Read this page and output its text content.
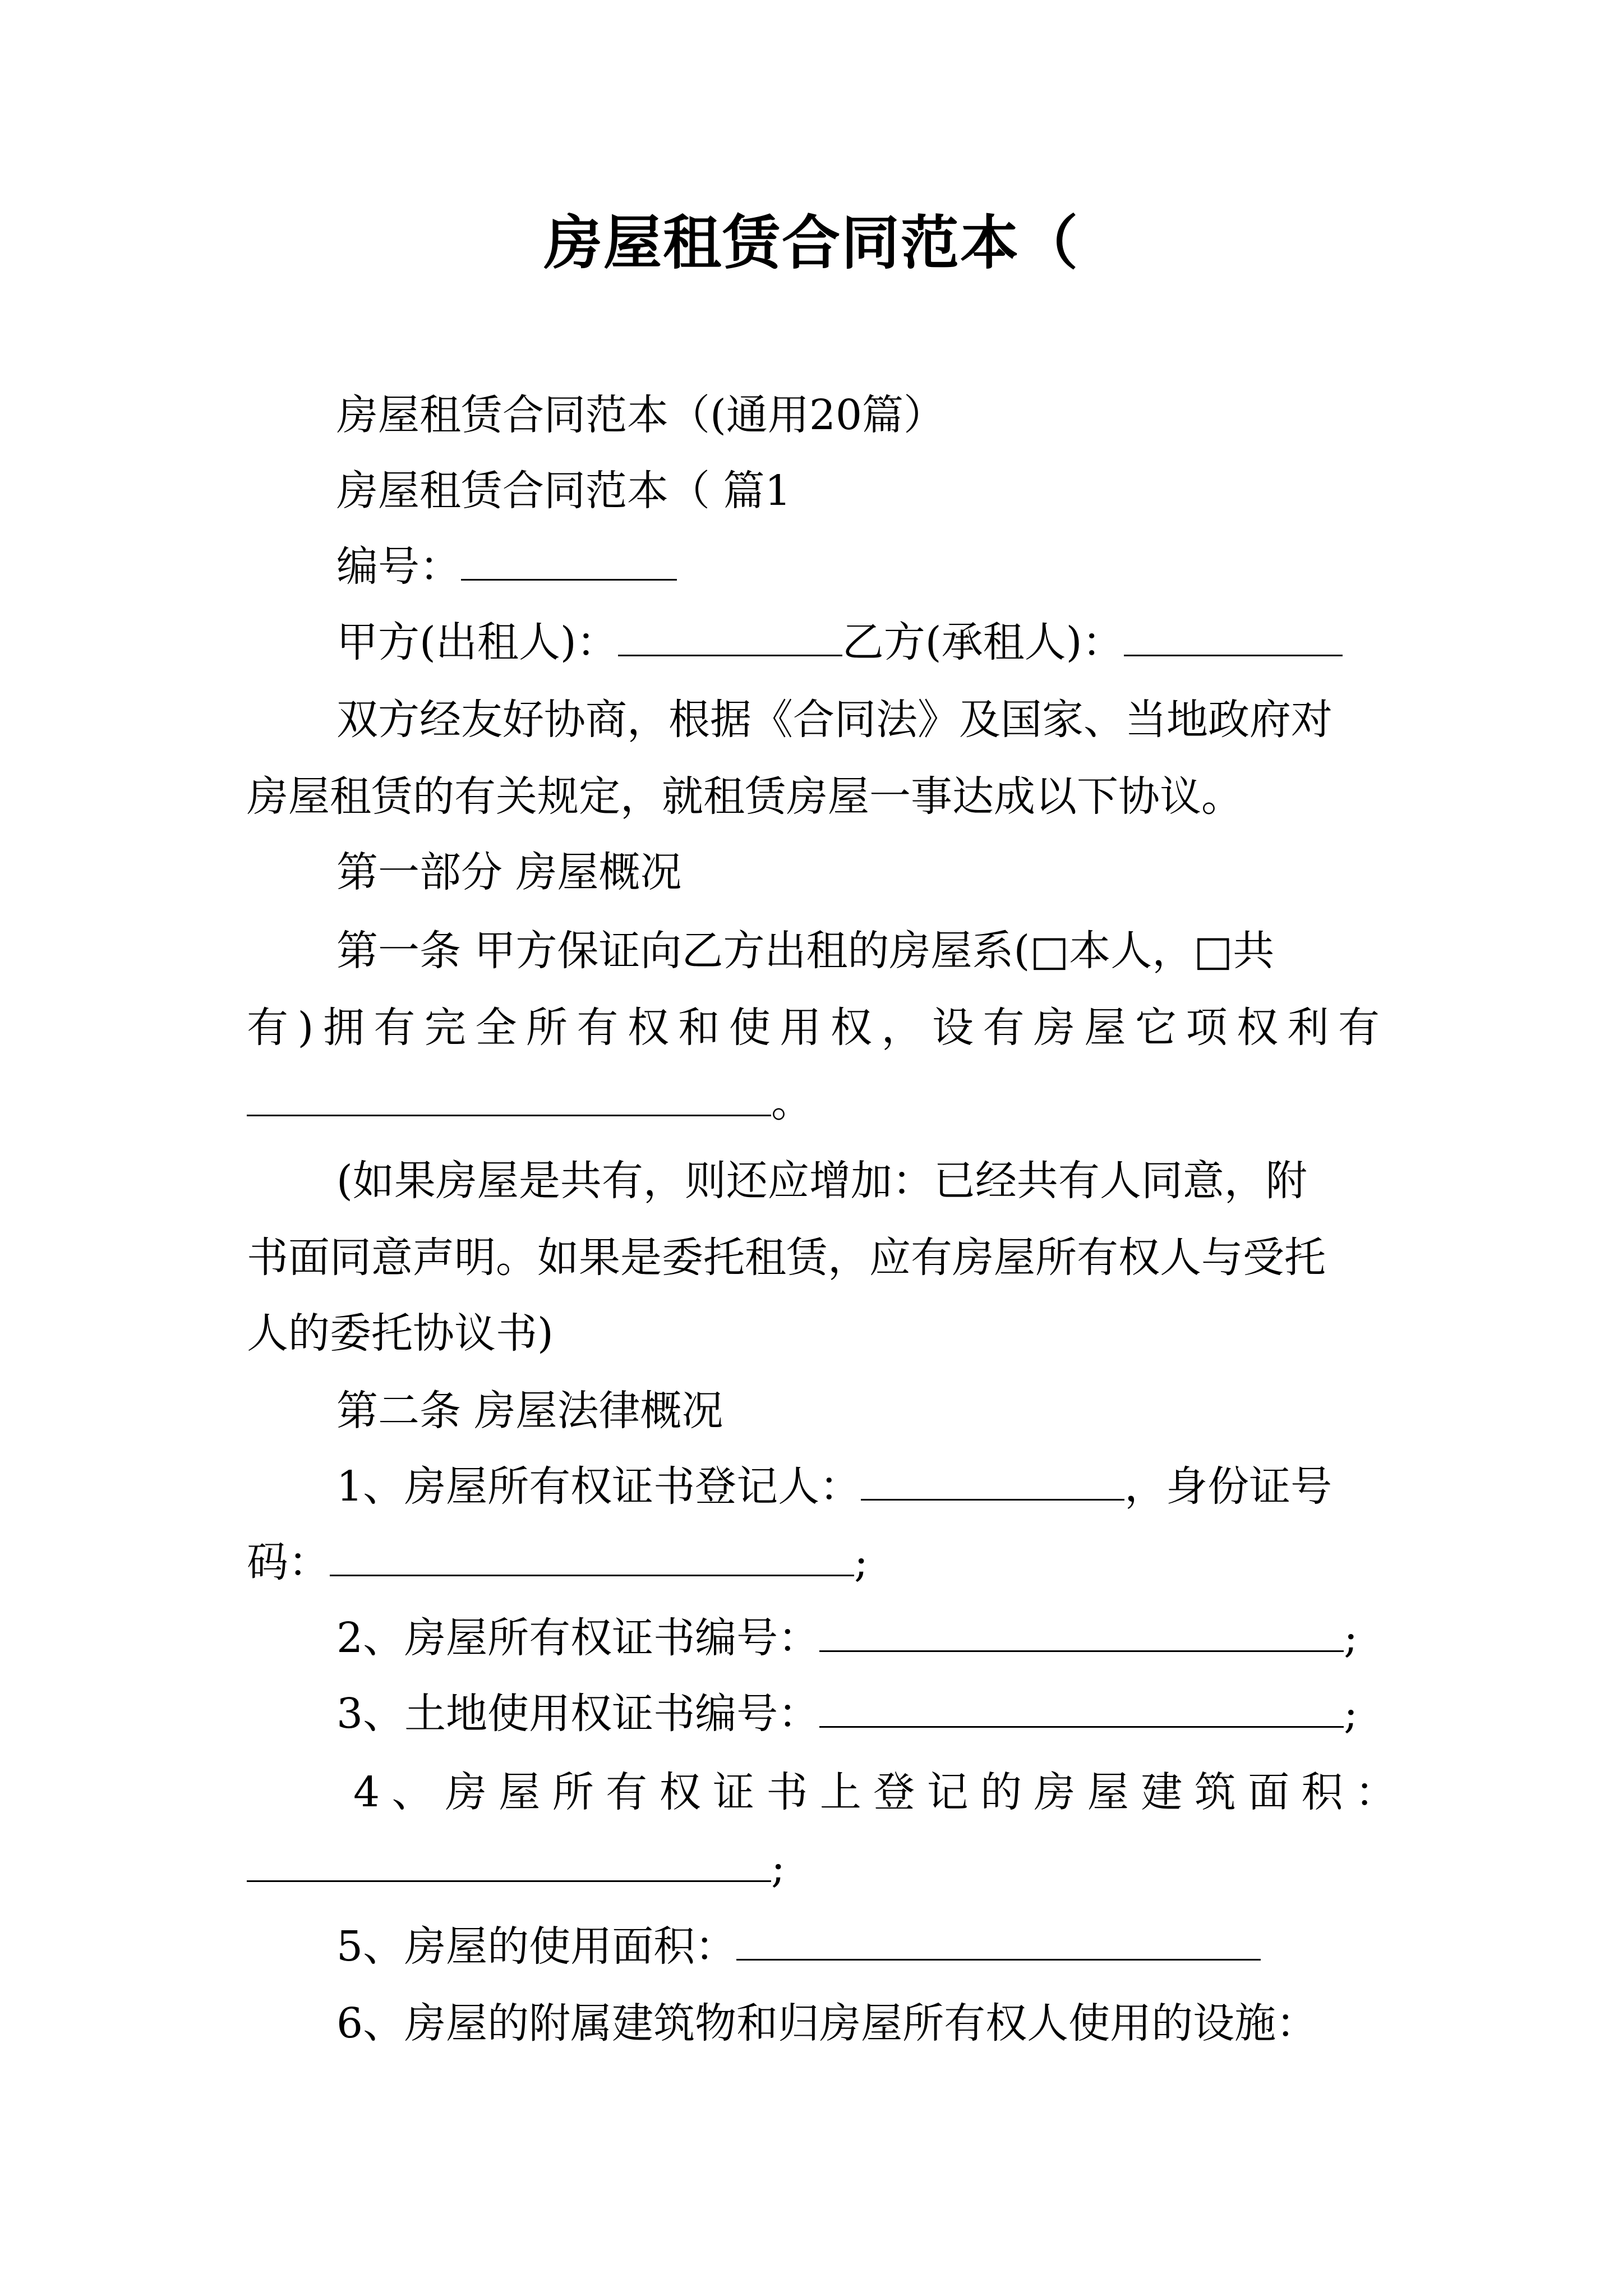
房屋租赁合同范本（
房屋租赁合同范本（(通用20篇）
房屋租赁合同范本（ 篇1
编号：
甲方(出租人)：	乙方(承租人)：
双方经友好协商，根据《合同法》及国家、当地政府对
房屋租赁的有关规定，就租赁房屋一事达成以下协议。
第一部分 房屋概况
第一条 甲方保证向乙方出租的房屋系(□本人，□共
有)拥有完全所有权和使用权，设有房屋它项权利有
。
(如果房屋是共有，则还应增加：已经共有人同意，附
书面同意声明。如果是委托租赁，应有房屋所有权人与受托
人的委托协议书)
第二条 房屋法律概况
1、房屋所有权证书登记人：	，身份证号
码：	;
2、房屋所有权证书编号：	;
3、土地使用权证书编号：	;
4、房屋所有权证书上登记的房屋建筑面积：
;
5、房屋的使用面积：
6、房屋的附属建筑物和归房屋所有权人使用的设施：
